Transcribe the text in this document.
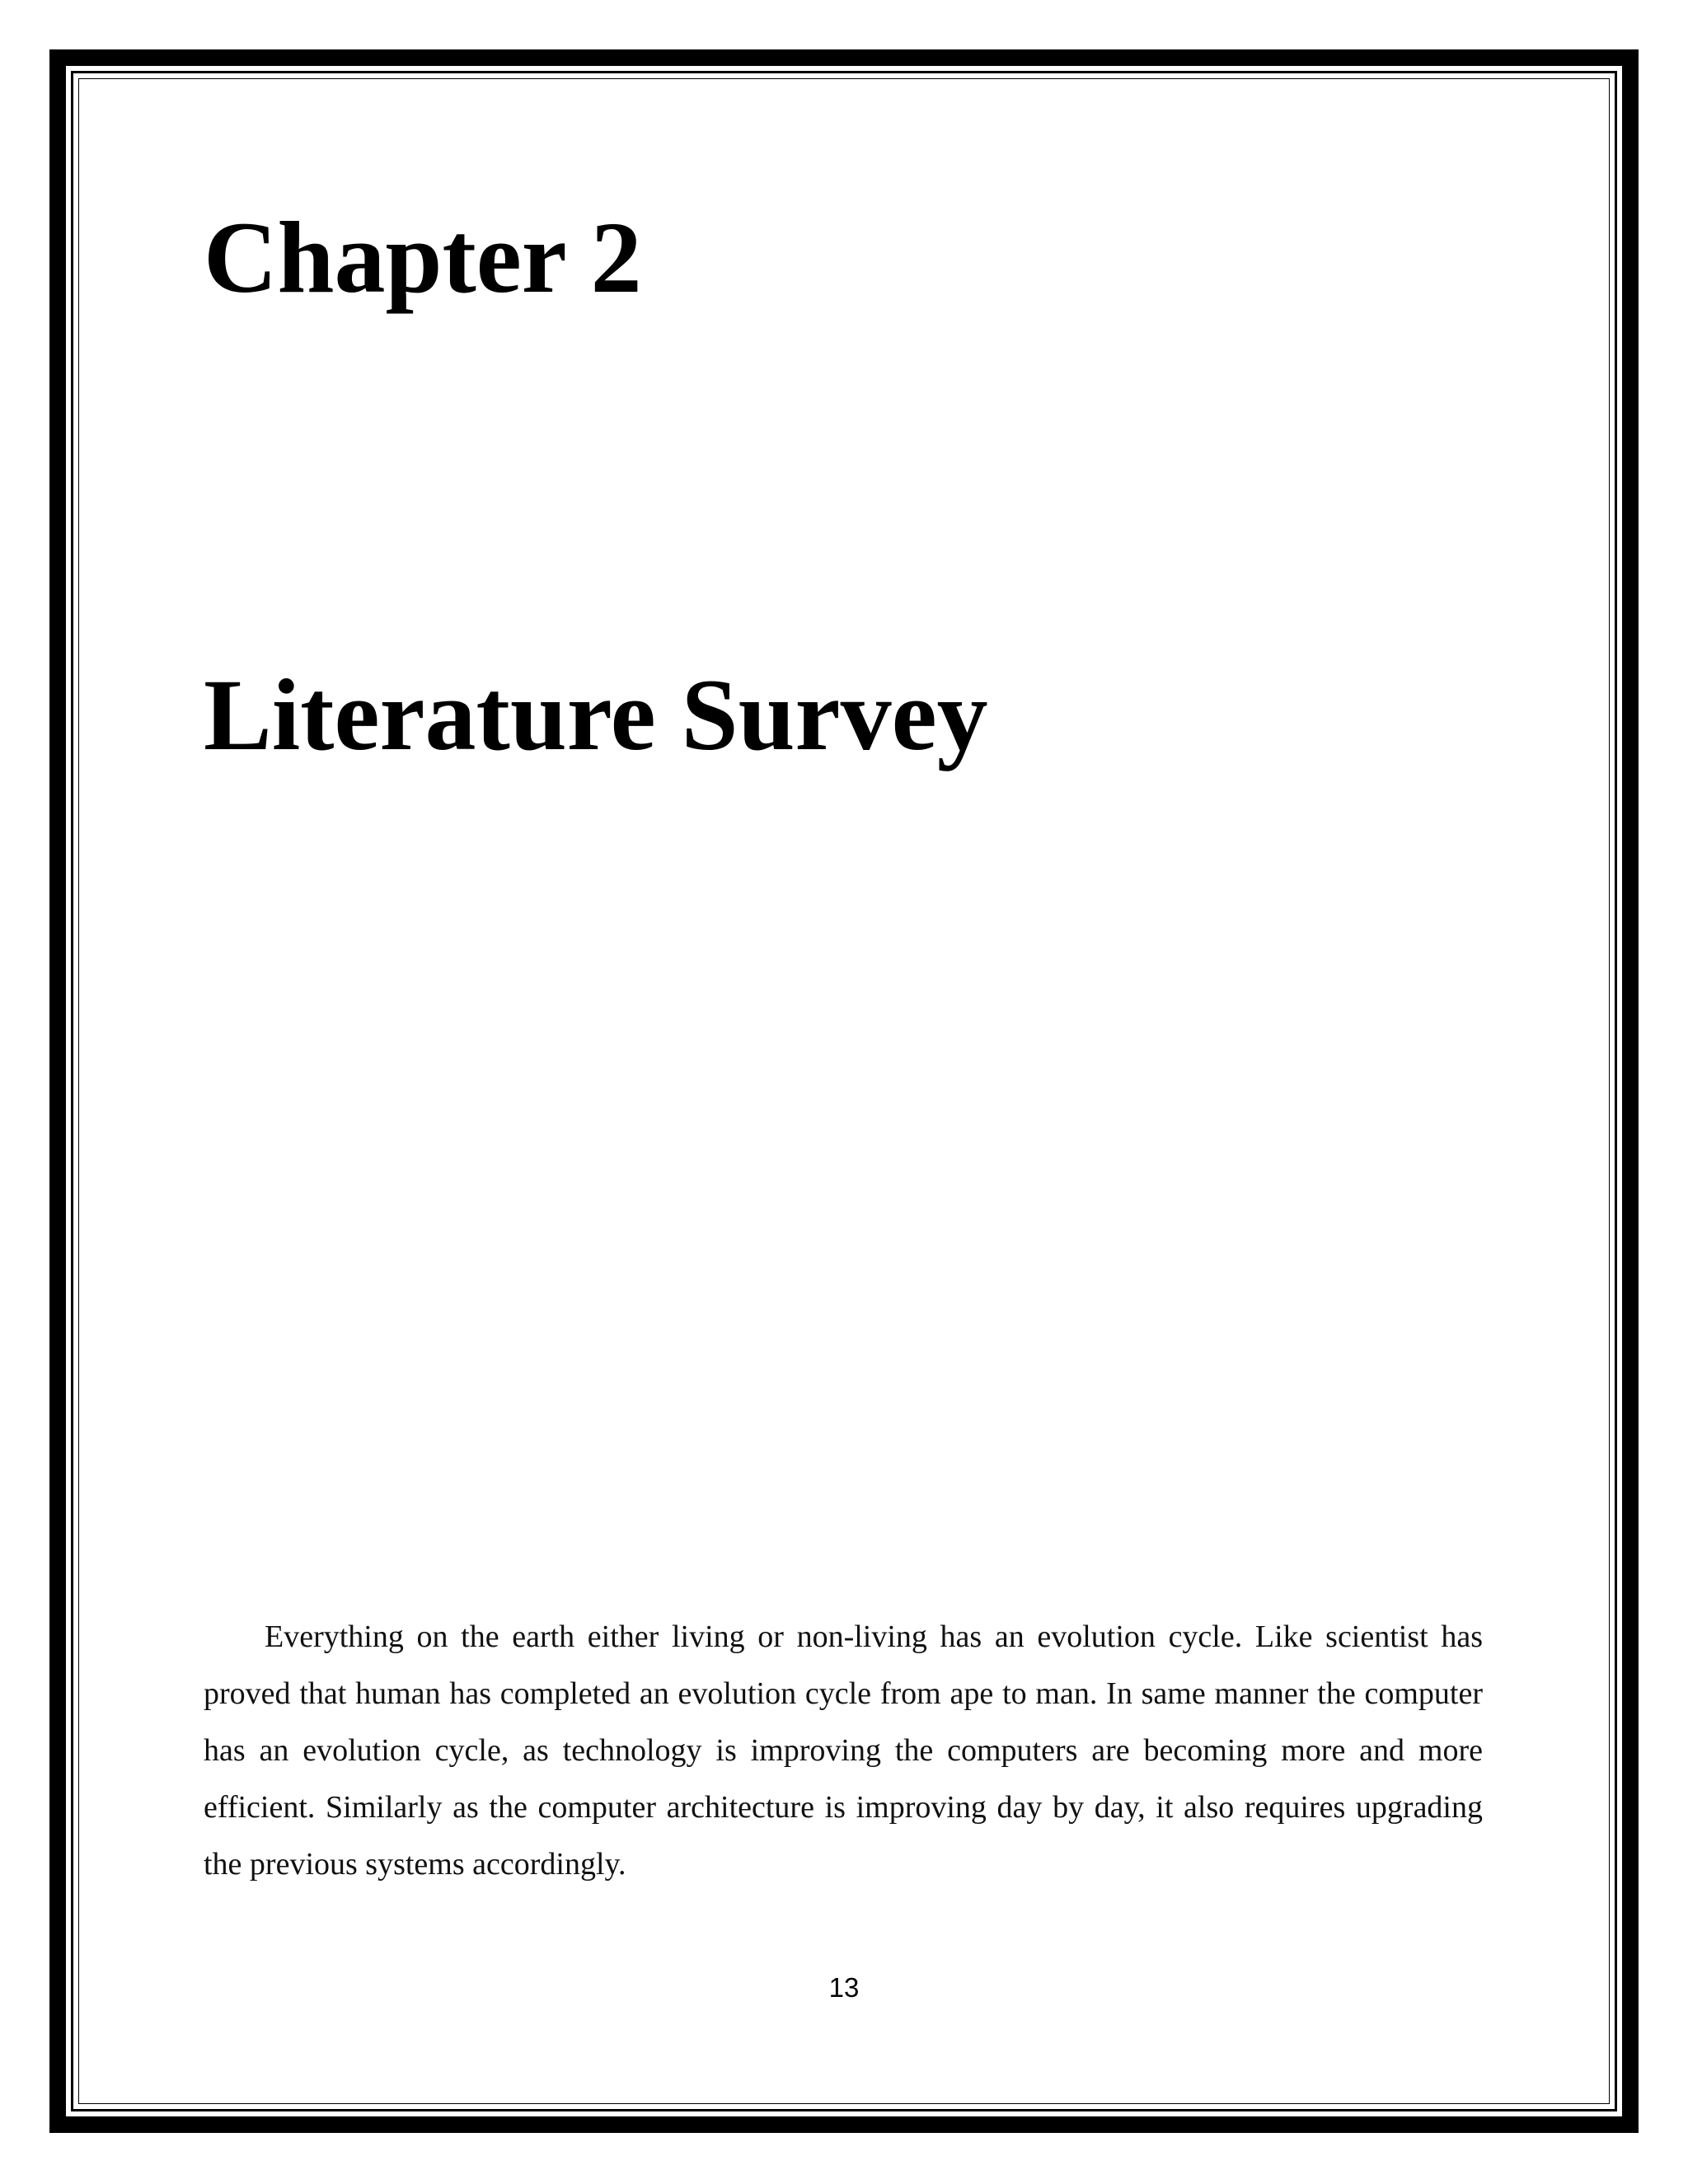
Chapter 2
Literature Survey

Everything on the earth either living or non-living has an evolution cycle. Like scientist has proved that human has completed an evolution cycle from ape to man. In same manner the computer has an evolution cycle, as technology is improving the computers are becoming more and more efficient. Similarly as the computer architecture is improving day by day, it also requires upgrading the previous systems accordingly.

13
